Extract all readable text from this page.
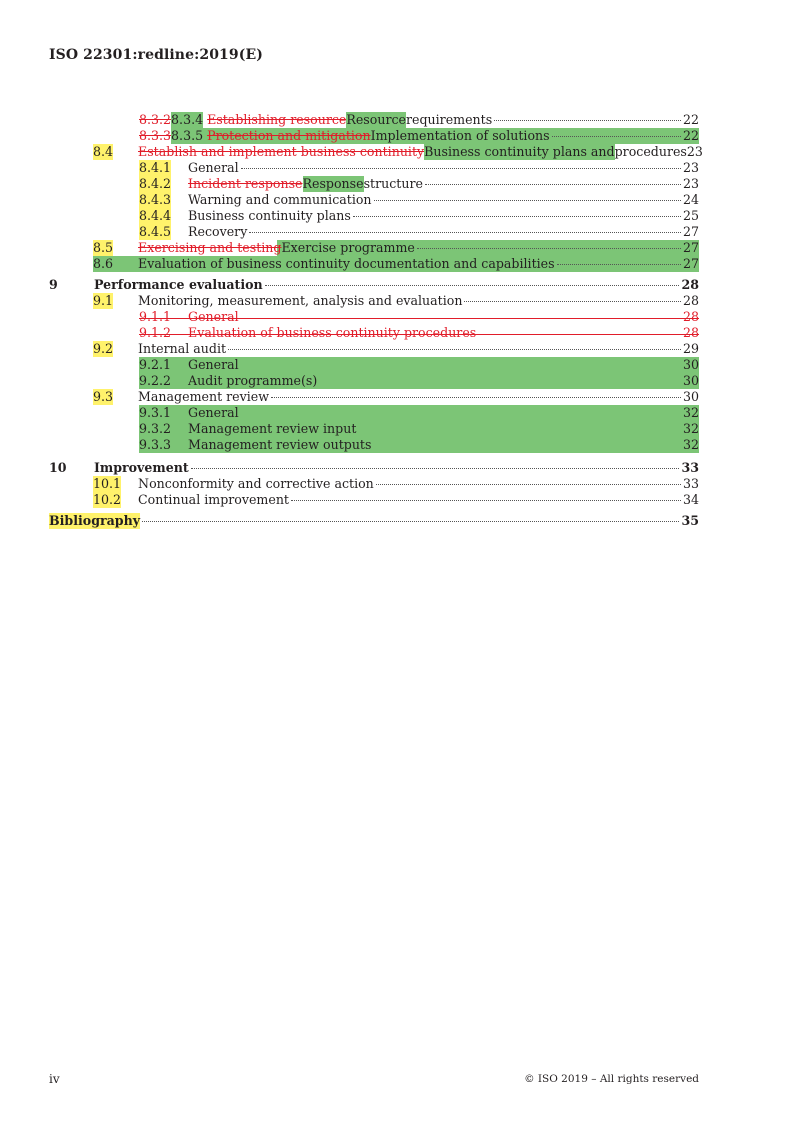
ISO 22301:redline:2019(E)
8.3.2 8.3.4 Establishing resource Resource requirements	22
8.3.3 8.3.5 Protection and mitigation Implementation of solutions	22
8.4 Establish and implement business continuity Business continuity plans and procedures 23
8.4.1 General	23
8.4.2 Incident response Response structure	23
8.4.3 Warning and communication	24
8.4.4 Business continuity plans	25
8.4.5 Recovery	27
8.5 Exercising and testing Exercise programme	27
8.6 Evaluation of business continuity documentation and capabilities	27
9	Performance evaluation	28
9.1 Monitoring, measurement, analysis and evaluation	28
9.1.1 General	28
9.1.2 Evaluation of business continuity procedures	28
9.2 Internal audit	29
9.2.1 General	30
9.2.2 Audit programme(s)	30
9.3 Management review	30
9.3.1 General	32
9.3.2 Management review input	32
9.3.3 Management review outputs	32
10	Improvement	33
10.1 Nonconformity and corrective action	33
10.2 Continual improvement	34
Bibliography	35
iv	© ISO 2019 – All rights reserved
